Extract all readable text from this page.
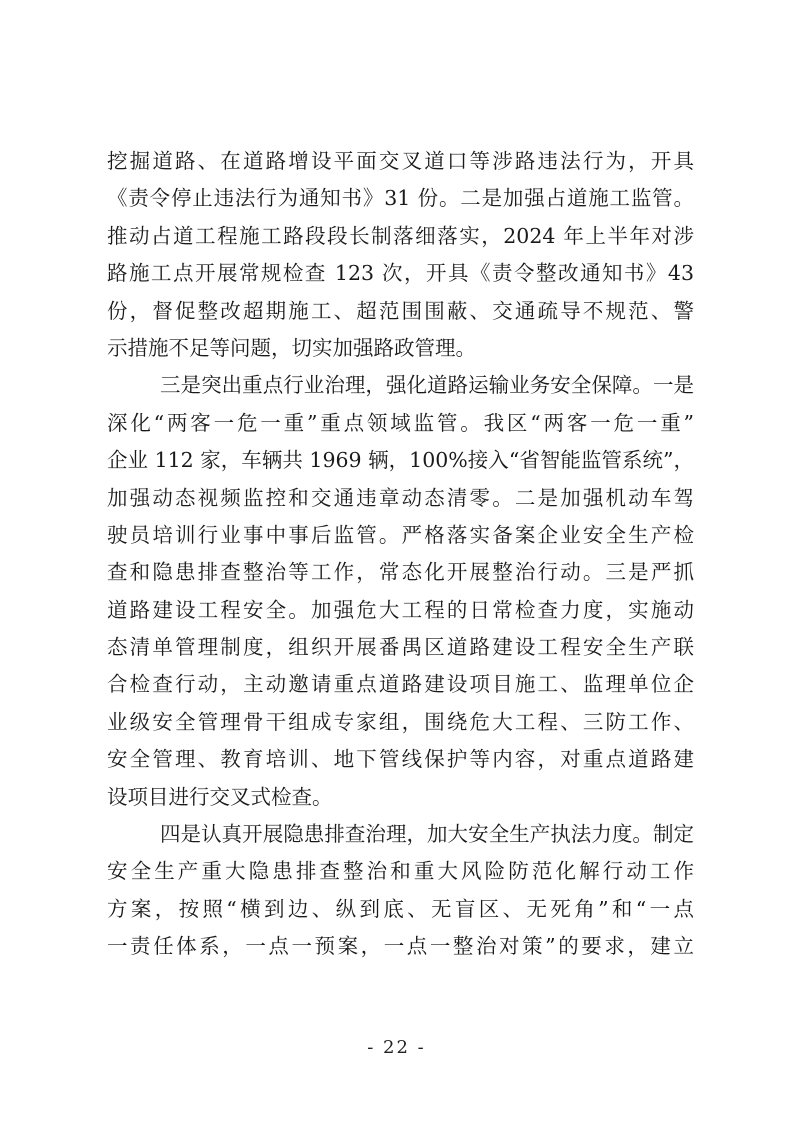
挖掘道路、在道路增设平面交叉道口等涉路违法行为，开具
《责令停止违法行为通知书》31 份。二是加强占道施工监管。
推动占道工程施工路段段长制落细落实，2024 年上半年对涉
路施工点开展常规检查 123 次，开具《责令整改通知书》43
份，督促整改超期施工、超范围围蔽、交通疏导不规范、警
示措施不足等问题，切实加强路政管理。
三是突出重点行业治理，强化道路运输业务安全保障。一是
深化“两客一危一重”重点领域监管。我区“两客一危一重”
企业 112 家，车辆共 1969 辆，100%接入“省智能监管系统”，
加强动态视频监控和交通违章动态清零。二是加强机动车驾
驶员培训行业事中事后监管。严格落实备案企业安全生产检
查和隐患排查整治等工作，常态化开展整治行动。三是严抓
道路建设工程安全。加强危大工程的日常检查力度，实施动
态清单管理制度，组织开展番禺区道路建设工程安全生产联
合检查行动，主动邀请重点道路建设项目施工、监理单位企
业级安全管理骨干组成专家组，围绕危大工程、三防工作、
安全管理、教育培训、地下管线保护等内容，对重点道路建
设项目进行交叉式检查。
四是认真开展隐患排查治理，加大安全生产执法力度。制定
安全生产重大隐患排查整治和重大风险防范化解行动工作
方案，按照“横到边、纵到底、无盲区、无死角”和“一点
一责任体系，一点一预案，一点一整治对策”的要求，建立
- 22 -
